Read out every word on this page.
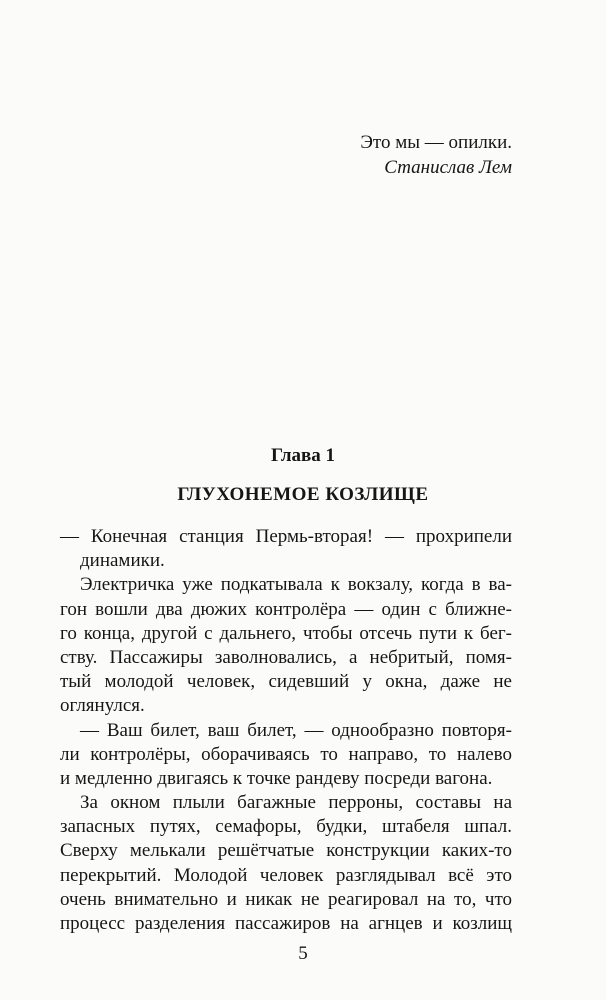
Это мы — опилки.
Станислав Лем
Глава 1
ГЛУХОНЕМОЕ КОЗЛИЩЕ
— Конечная станция Пермь-вторая! — прохрипели
динамики.
Электричка уже подкатывала к вокзалу, когда в ва-
гон вошли два дюжих контролёра — один с ближне-
го конца, другой с дальнего, чтобы отсечь пути к бег-
ству. Пассажиры заволновались, а небритый, помя-
тый молодой человек, сидевший у окна, даже не
оглянулся.
— Ваш билет, ваш билет, — однообразно повторя-
ли контролёры, оборачиваясь то направо, то налево
и медленно двигаясь к точке рандеву посреди вагона.
За окном плыли багажные перроны, составы на
запасных путях, семафоры, будки, штабеля шпал.
Сверху мелькали решётчатые конструкции каких-то
перекрытий. Молодой человек разглядывал всё это
очень внимательно и никак не реагировал на то, что
процесс разделения пассажиров на агнцев и козлищ
5
